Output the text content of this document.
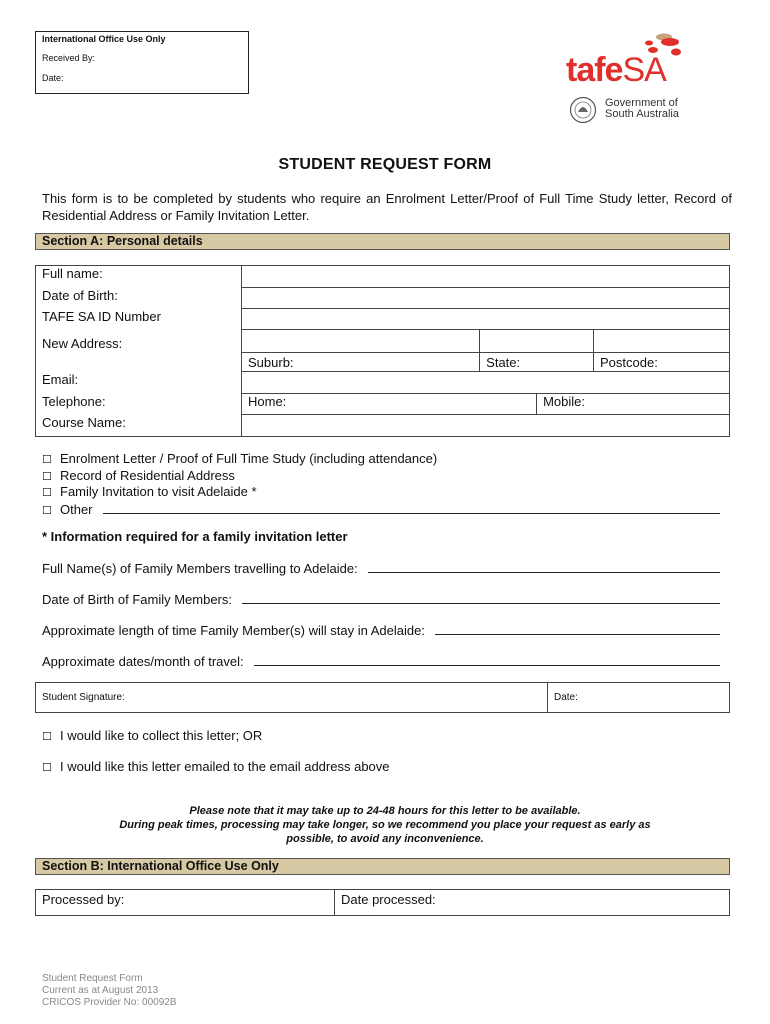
International Office Use Only
Received By:
Date:	tafeSA
Government of
South Australia
STUDENT REQUEST FORM
This form is to be completed by students who require an Enrolment Letter/Proof of Full Time Study letter, Record of Residential Address or Family Invitation Letter.
Section A: Personal details
Full name:				
Date of Birth:				
TAFE SA ID Number				
New Address:	Suburb:	State:		Postcode:

Email:				
Telephone:	Home:		Mobile:	
Course Name:				
☐ Enrolment Letter / Proof of Full Time Study (including attendance)
☐ Record of Residential Address
☐ Family Invitation to visit Adelaide *
☐ Other
* Information required for a family invitation letter
Full Name(s) of Family Members travelling to Adelaide:
Date of Birth of Family Members:
Approximate length of time Family Member(s) will stay in Adelaide:
Approximate dates/month of travel:
Student Signature:	Date:
☐ I would like to collect this letter; OR
☐ I would like this letter emailed to the email address above
Please note that it may take up to 24-48 hours for this letter to be available.
During peak times, processing may take longer, so we recommend you place your request as early as
possible, to avoid any inconvenience.
Section B: International Office Use Only
Processed by:	Date processed:
Student Request Form
Current as at August 2013
CRICOS Provider No: 00092B
